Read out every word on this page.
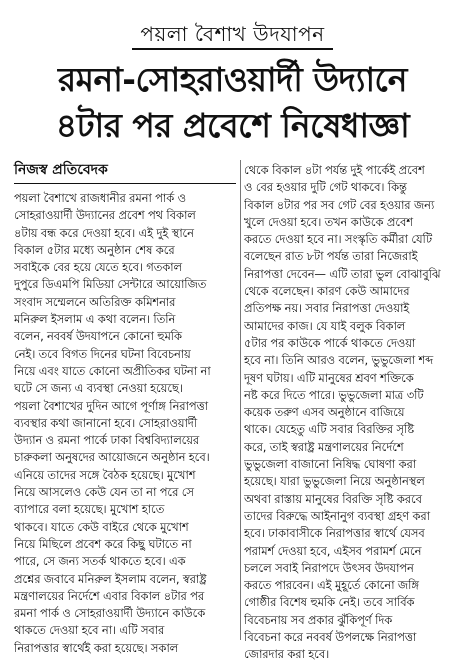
পয়লা বৈশাখ উদযাপন
রমনা-সোহরাওয়ার্দী উদ্যানে
৪টার পর প্রবেশে নিষেধাজ্ঞা
নিজস্ব প্রতিবেদক
পয়লা বৈশাখে রাজধানীর রমনা পার্ক ও
সোহরাওয়ার্দী উদ্যানের প্রবেশ পথ বিকাল
৪টায় বন্ধ করে দেওয়া হবে। এই দুই স্থানে
বিকাল ৫টার মধ্যে অনুষ্ঠান শেষ করে
সবাইকে বের হয়ে যেতে হবে। গতকাল
দুপুরে ডিএমপি মিডিয়া সেন্টারে আয়োজিত
সংবাদ সম্মেলনে অতিরিক্ত কমিশনার
মনিরুল ইসলাম এ কথা বলেন। তিনি
বলেন, নববর্ষ উদযাপনে কোনো হুমকি
নেই। তবে বিগত দিনের ঘটনা বিবেচনায়
নিয়ে এবং যাতে কোনো অপ্রীতিকর ঘটনা না
ঘটে সে জন্য এ ব্যবস্থা নেওয়া হয়েছে।
পয়লা বৈশাখের দুদিন আগে পূর্ণাঙ্গ নিরাপত্তা
ব্যবস্থার কথা জানানো হবে। সোহরাওয়ার্দী
উদ্যান ও রমনা পার্কে ঢাকা বিশ্ববিদ্যালয়ের
চারুকলা অনুষদের আয়োজনে অনুষ্ঠান হবে।
এনিয়ে তাদের সঙ্গে বৈঠক হয়েছে। মুখোশ
নিয়ে আসলেও কেউ যেন তা না পরে সে
ব্যাপারে বলা হয়েছে। মুখোশ হাতে
থাকবে। যাতে কেউ বাইরে থেকে মুখোশ
নিয়ে মিছিলে প্রবেশ করে কিছু ঘটাতে না
পারে, সে জন্য সতর্ক থাকতে হবে। এক
প্রশ্নের জবাবে মনিরুল ইসলাম বলেন, স্বরাষ্ট্র
মন্ত্রণালয়ের নির্দেশে এবার বিকাল ৪টার পর
রমনা পার্ক ও সোহরাওয়ার্দী উদ্যানে কাউকে
থাকতে দেওয়া হবে না। এটি সবার
নিরাপত্তার স্বার্থেই করা হয়েছে। সকাল
থেকে বিকাল ৪টা পর্যন্ত দুই পার্কেই প্রবেশ
ও বের হওয়ার দুটি গেট থাকবে। কিন্তু
বিকাল ৪টার পর সব গেট বের হওয়ার জন্য
খুলে দেওয়া হবে। তখন কাউকে প্রবেশ
করতে দেওয়া হবে না। সংস্কৃতি কর্মীরা যেটি
বলেছেন রাত ৮টা পর্যন্ত তারা নিজেরাই
নিরাপত্তা দেবেন— এটি তারা ভুল বোঝাবুঝি
থেকে বলেছেন। কারণ কেউ আমাদের
প্রতিপক্ষ নয়। সবার নিরাপত্তা দেওয়াই
আমাদের কাজ। যে যাই বলুক বিকাল
৫টার পর কাউকে পার্কে থাকতে দেওয়া
হবে না। তিনি আরও বলেন, ভুভুজেলা শব্দ
দূষণ ঘটায়। এটি মানুষের শ্রবণ শক্তিকে
নষ্ট করে দিতে পারে। ভুভুজেলা মাত্র ৩টি
কয়েক তরুণ এসব অনুষ্ঠানে বাজিয়ে
থাকে। যেহেতু এটি সবার বিরক্তির সৃষ্টি
করে, তাই স্বরাষ্ট্র মন্ত্রণালয়ের নির্দেশে
ভুভুজেলা বাজানো নিষিদ্ধ ঘোষণা করা
হয়েছে। যারা ভুভুজেলা নিয়ে অনুষ্ঠানস্থল
অথবা রাস্তায় মানুষের বিরক্তি সৃষ্টি করবে
তাদের বিরুদ্ধে আইনানুগ ব্যবস্থা গ্রহণ করা
হবে। ঢাকাবাসীকে নিরাপত্তার স্বার্থে যেসব
পরামর্শ দেওয়া হবে, এইসব পরামর্শ মেনে
চললে সবাই নিরাপদে উৎসব উদযাপন
করতে পারবেন। এই মুহূর্তে কোনো জঙ্গি
গোষ্ঠীর বিশেষ হুমকি নেই। তবে সার্বিক
বিবেচনায় সব প্রকার ঝুঁকিপূর্ণ দিক
বিবেচনা করে নববর্ষ উপলক্ষে নিরাপত্তা
জোরদার করা হবে।
